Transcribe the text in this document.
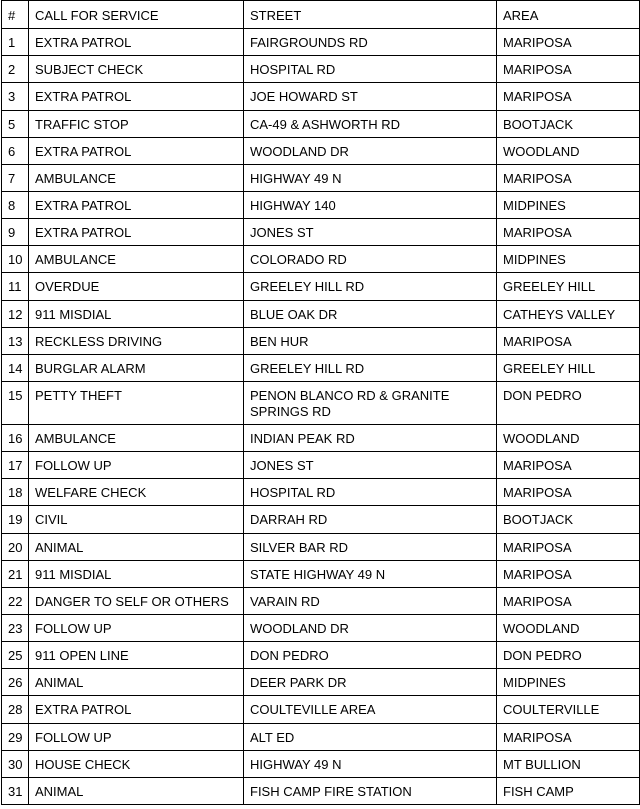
#	CALL FOR SERVICE	STREET	AREA
1	EXTRA PATROL	FAIRGROUNDS RD	MARIPOSA
2	SUBJECT CHECK	HOSPITAL RD	MARIPOSA
3	EXTRA PATROL	JOE HOWARD ST	MARIPOSA
5	TRAFFIC STOP	CA-49 & ASHWORTH RD	BOOTJACK
6	EXTRA PATROL	WOODLAND DR	WOODLAND
7	AMBULANCE	HIGHWAY 49 N	MARIPOSA
8	EXTRA PATROL	HIGHWAY 140	MIDPINES
9	EXTRA PATROL	JONES ST	MARIPOSA
10	AMBULANCE	COLORADO RD	MIDPINES
11	OVERDUE	GREELEY HILL RD	GREELEY HILL
12	911 MISDIAL	BLUE OAK DR	CATHEYS VALLEY
13	RECKLESS DRIVING	BEN HUR	MARIPOSA
14	BURGLAR ALARM	GREELEY HILL RD	GREELEY HILL
15	PETTY THEFT	PENON BLANCO RD & GRANITE SPRINGS RD	DON PEDRO
16	AMBULANCE	INDIAN PEAK RD	WOODLAND
17	FOLLOW UP	JONES ST	MARIPOSA
18	WELFARE CHECK	HOSPITAL RD	MARIPOSA
19	CIVIL	DARRAH RD	BOOTJACK
20	ANIMAL	SILVER BAR RD	MARIPOSA
21	911 MISDIAL	STATE HIGHWAY 49 N	MARIPOSA
22	DANGER TO SELF OR OTHERS	VARAIN RD	MARIPOSA
23	FOLLOW UP	WOODLAND DR	WOODLAND
25	911 OPEN LINE	DON PEDRO	DON PEDRO
26	ANIMAL	DEER PARK DR	MIDPINES
28	EXTRA PATROL	COULTEVILLE AREA	COULTERVILLE
29	FOLLOW UP	ALT ED	MARIPOSA
30	HOUSE CHECK	HIGHWAY 49 N	MT BULLION
31	ANIMAL	FISH CAMP FIRE STATION	FISH CAMP
